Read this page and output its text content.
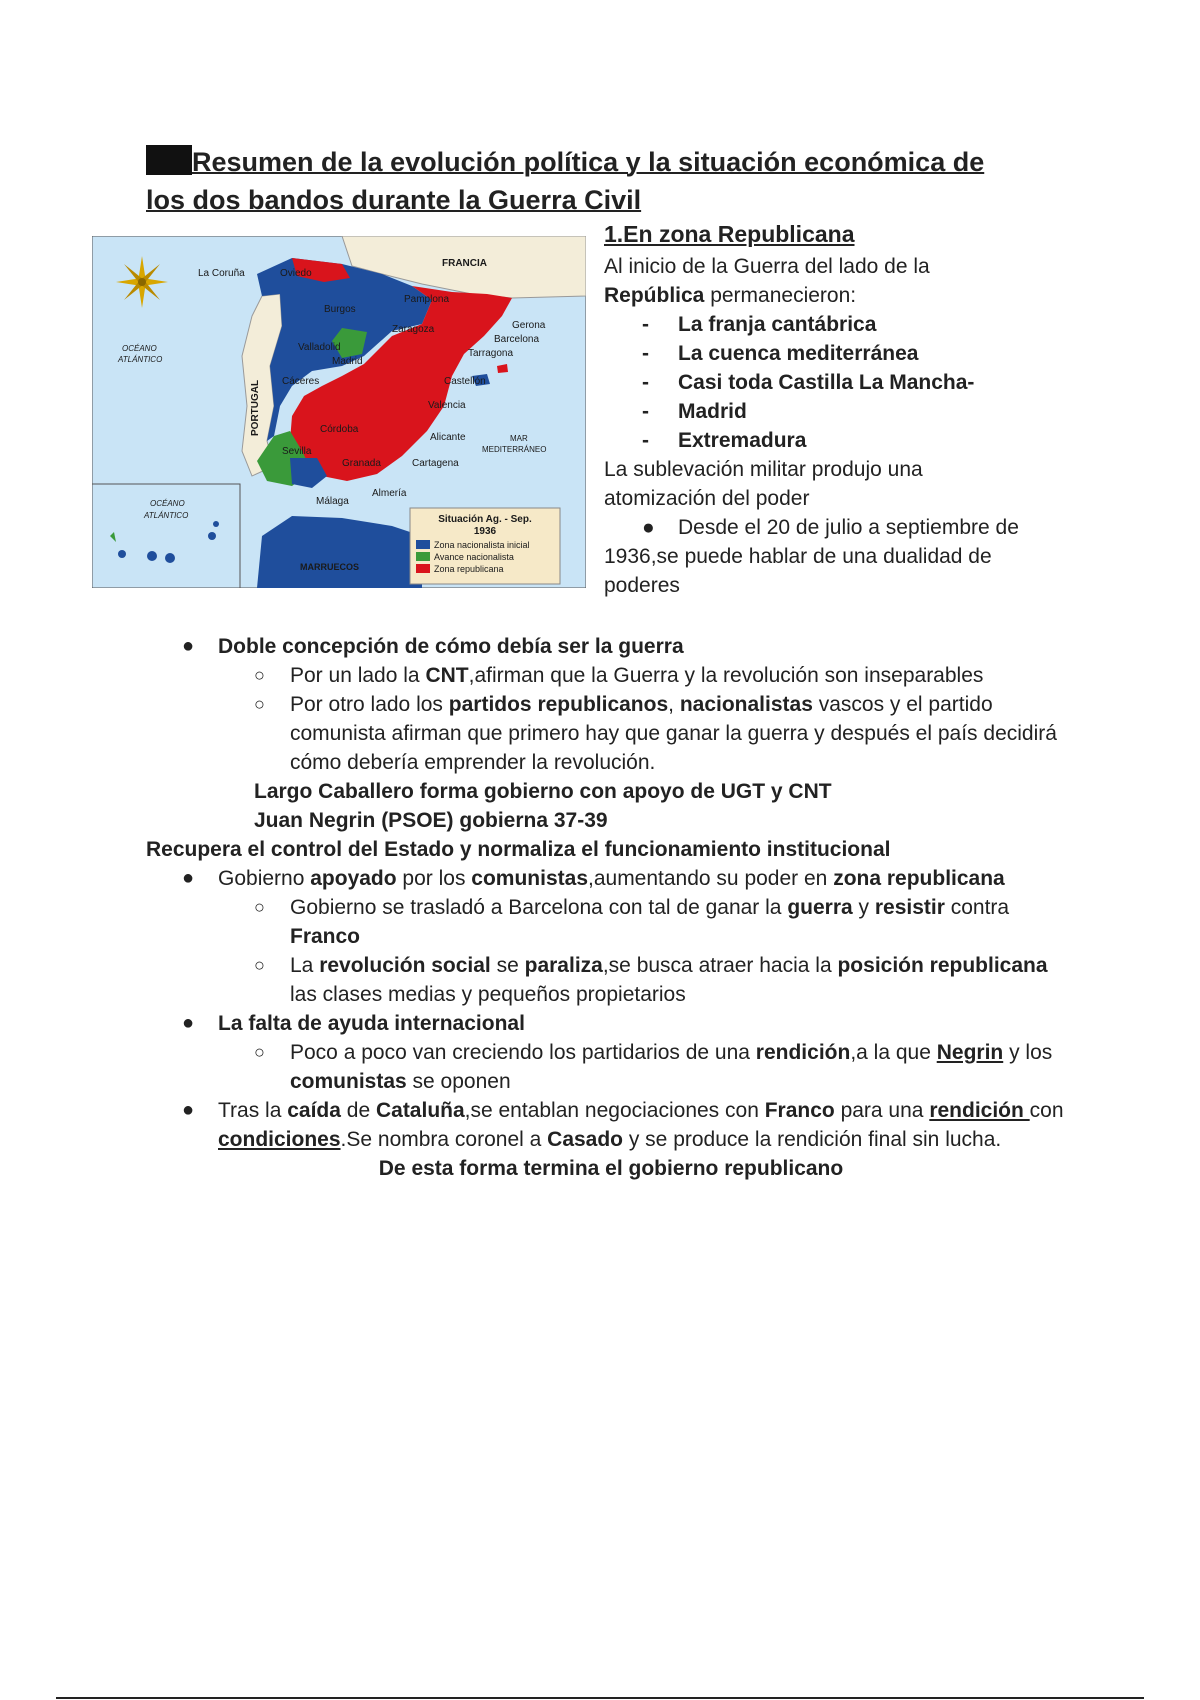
Resumen de la evolución política y la situación económica de
los dos bandos durante la Guerra Civil
FRANCIA
PORTUGAL
OCÉANO
ATLÁNTICO
OCÉANO
ATLÁNTICO
MAR
MEDITERRÁNEO
MARRUECOS
La Coruña	Oviedo
Burgos
Pamplona
Zaragoza	Gerona
Barcelona
Tarragona
Valladolid
Madrid
Cáceres	Castellón
Valencia
Córdoba
Alicante
Sevilla
Granada	Cartagena
Almería
Málaga
Situación Ag. - Sep.
1936
Zona nacionalista inicial
Avance nacionalista
Zona republicana
1.En zona Republicana

Al inicio de la Guerra del lado de la
República permanecieron:

- La franja cantábrica
- La cuenca mediterránea
- Casi toda Castilla La Mancha-
- Madrid
- Extremadura

La sublevación militar produjo una atomización del poder

● Desde el 20 de julio a septiembre de
1936,se puede hablar de una dualidad de poderes
● Doble concepción de cómo debía ser la guerra
○ Por un lado la CNT,afirman que la Guerra y la revolución son inseparables
○ Por otro lado los partidos republicanos, nacionalistas vascos y el partido comunista afirman que primero hay que ganar la guerra y después el país decidirá cómo debería emprender la revolución.

Largo Caballero forma gobierno con apoyo de UGT y CNT

Juan Negrin (PSOE) gobierna 37-39

Recupera el control del Estado y normaliza el funcionamiento institucional

● Gobierno apoyado por los comunistas,aumentando su poder en zona republicana
○ Gobierno se trasladó a Barcelona con tal de ganar la guerra y resistir contra Franco
○ La revolución social se paraliza,se busca atraer hacia la posición republicana las clases medias y pequeños propietarios
● La falta de ayuda internacional
○ Poco a poco van creciendo los partidarios de una rendición,a la que Negrin y los comunistas se oponen
● Tras la caída de Cataluña,se entablan negociaciones con Franco para una rendición con condiciones.Se nombra coronel a Casado y se produce la rendición final sin lucha.

De esta forma termina el gobierno republicano
